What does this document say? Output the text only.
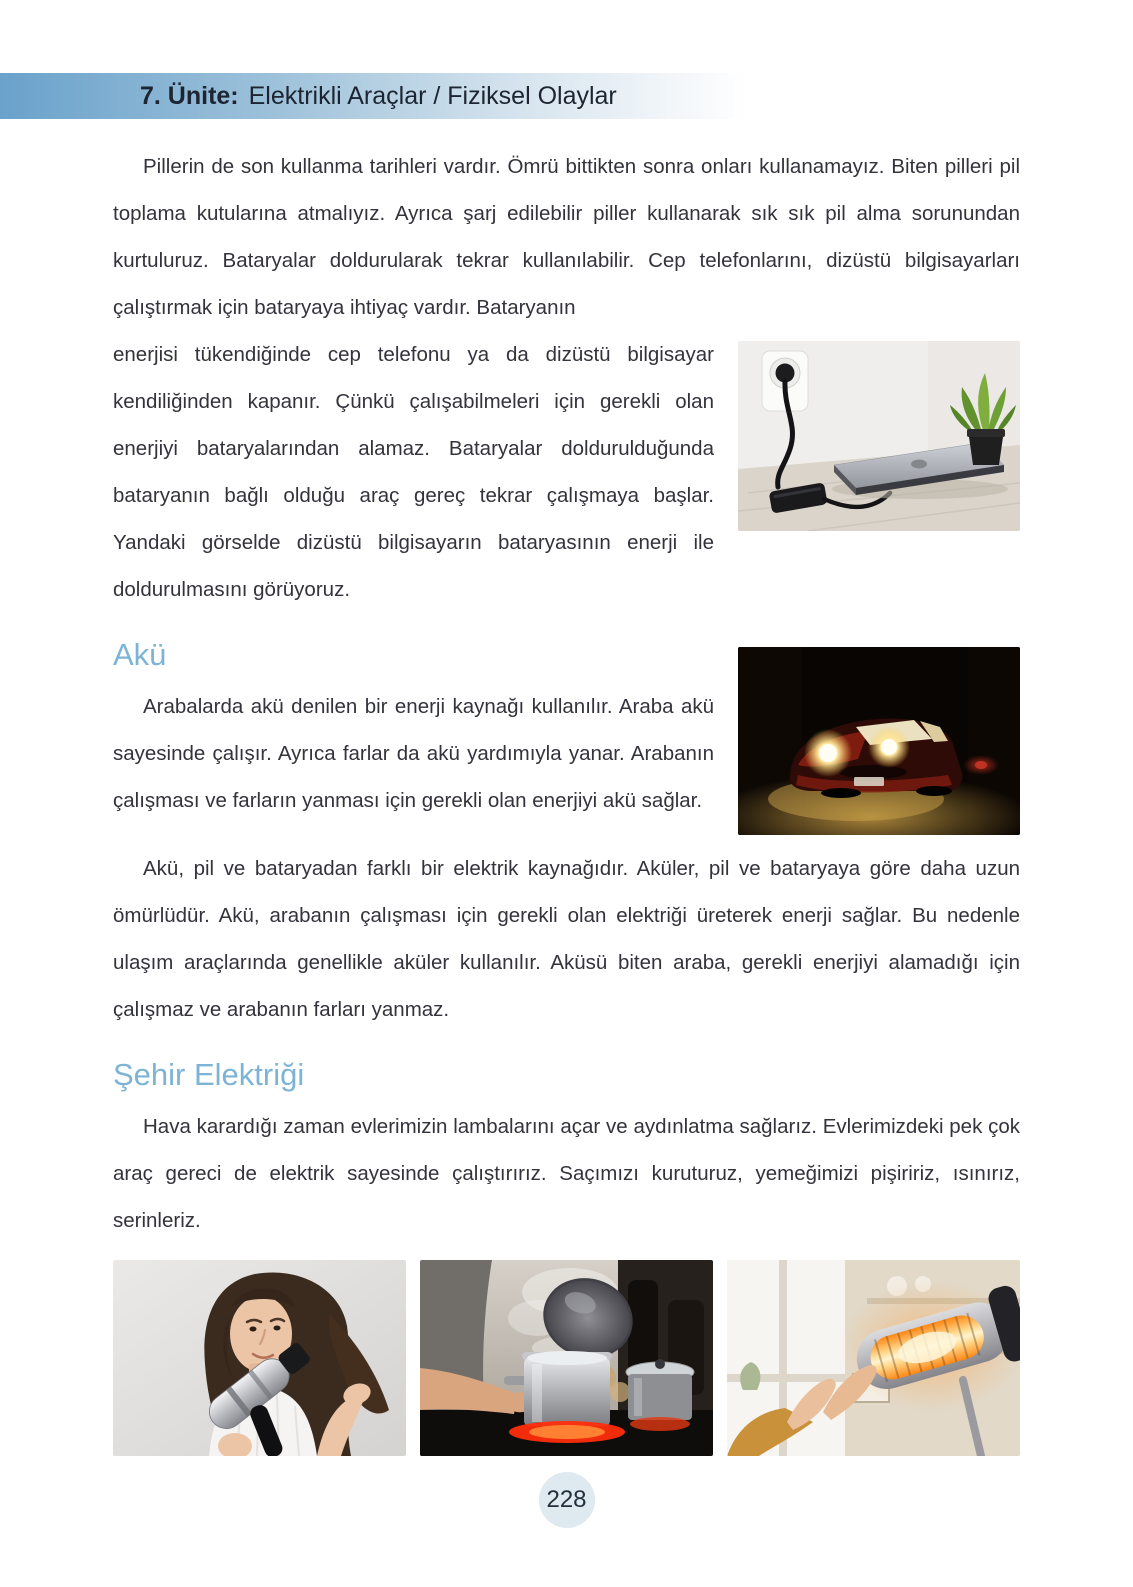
7. Ünite: Elektrikli Araçlar / Fiziksel Olaylar

Pillerin de son kullanma tarihleri vardır. Ömrü bittikten sonra onları kullanamayız. Biten pilleri pil toplama kutularına atmalıyız. Ayrıca şarj edilebilir piller kullanarak sık sık pil alma sorunundan kurtuluruz. Bataryalar doldurularak tekrar kullanılabilir. Cep telefonlarını, dizüstü bilgisayarları çalıştırmak için bataryaya ihtiyaç vardır. Bataryanın

enerjisi tükendiğinde cep telefonu ya da dizüstü bilgisayar kendiliğinden kapanır. Çünkü çalışabilmeleri için gerekli olan enerjiyi bataryalarından alamaz. Bataryalar doldurulduğunda bataryanın bağlı olduğu araç gereç tekrar çalışmaya başlar. Yandaki görselde dizüstü bilgisayarın bataryasının enerji ile doldurulmasını görüyoruz.

Akü

Arabalarda akü denilen bir enerji kaynağı kullanılır. Araba akü sayesinde çalışır. Ayrıca farlar da akü yardımıyla yanar. Arabanın çalışması ve farların yanması için gerekli olan enerjiyi akü sağlar.

Akü, pil ve bataryadan farklı bir elektrik kaynağıdır. Aküler, pil ve bataryaya göre daha uzun ömürlüdür. Akü, arabanın çalışması için gerekli olan elektriği üreterek enerji sağlar. Bu nedenle ulaşım araçlarında genellikle aküler kullanılır. Aküsü biten araba, gerekli enerjiyi alamadığı için çalışmaz ve arabanın farları yanmaz.

Şehir Elektriği

Hava karardığı zaman evlerimizin lambalarını açar ve aydınlatma sağlarız. Evlerimizdeki pek çok araç gereci de elektrik sayesinde çalıştırırız. Saçımızı kuruturuz, yemeğimizi pişiririz, ısınırız, serinleriz.

228
